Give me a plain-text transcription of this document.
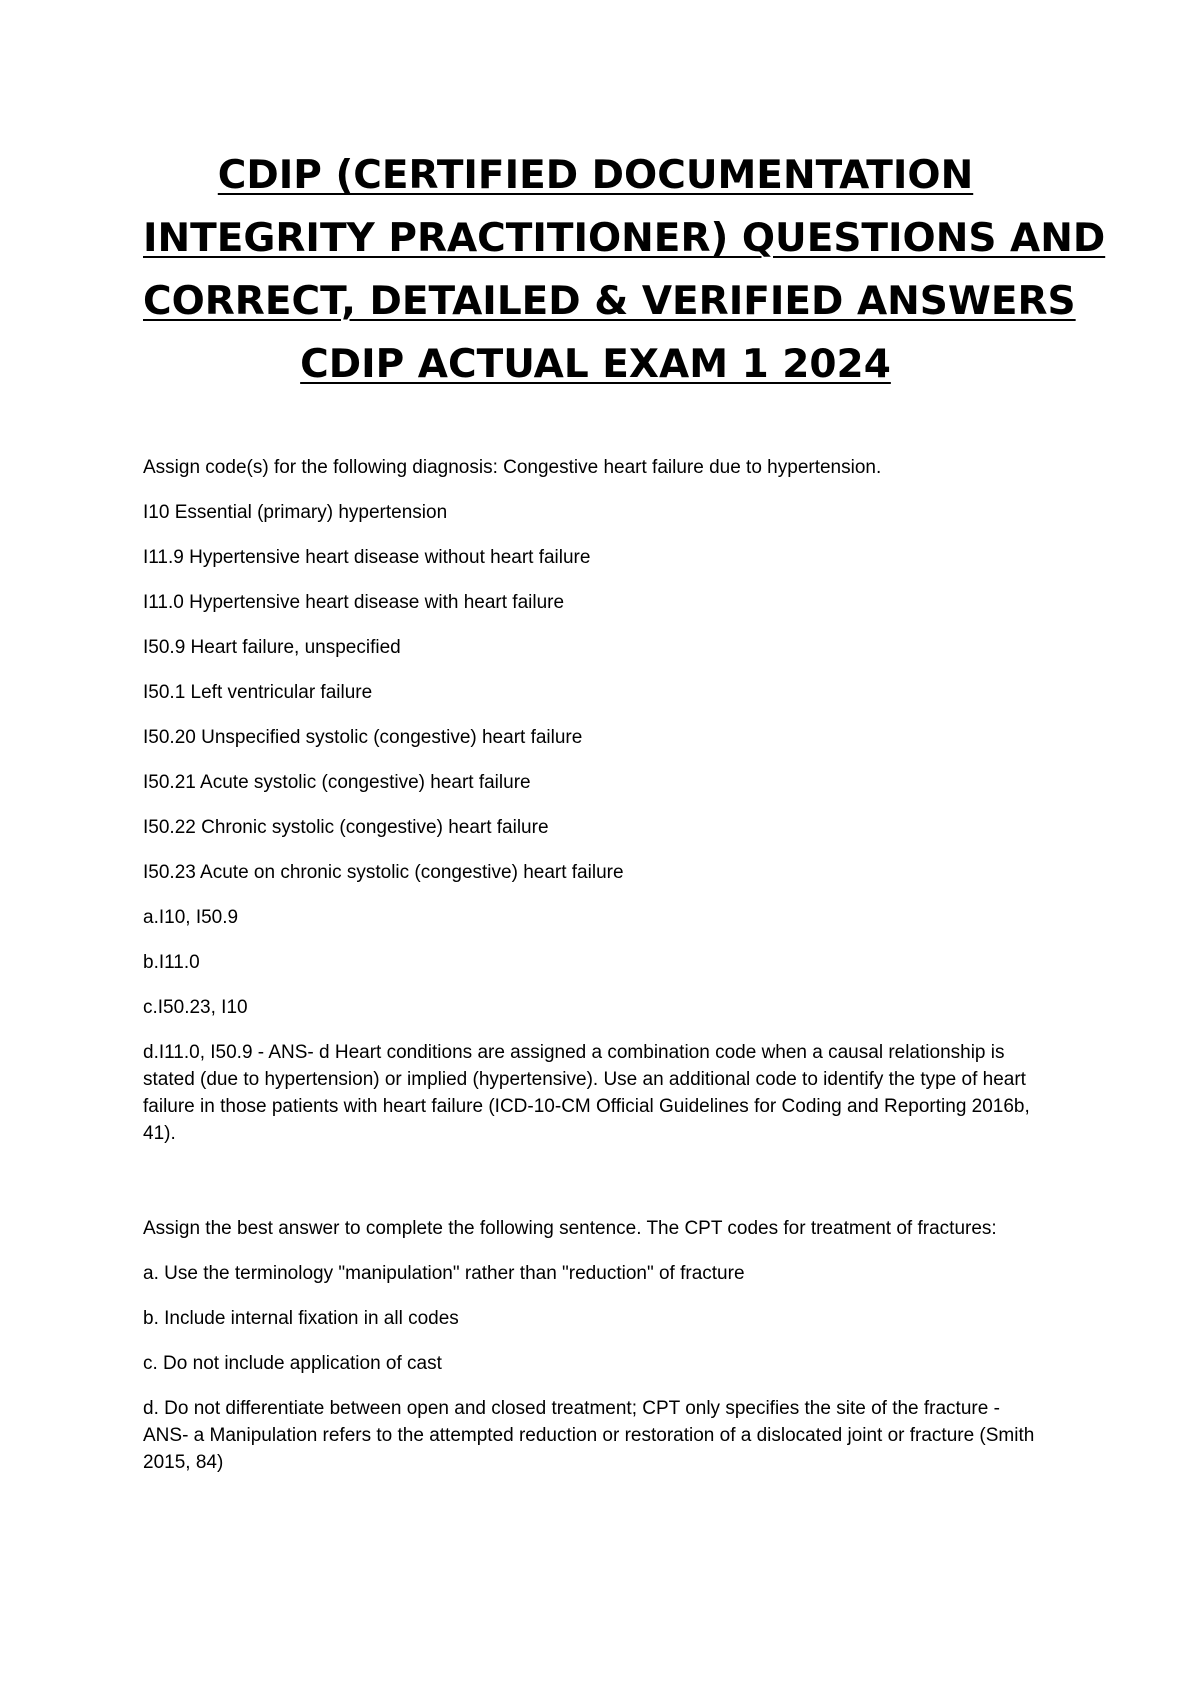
CDIP (CERTIFIED DOCUMENTATION
INTEGRITY PRACTITIONER) QUESTIONS AND
CORRECT, DETAILED & VERIFIED ANSWERS
CDIP ACTUAL EXAM 1 2024

Assign code(s) for the following diagnosis: Congestive heart failure due to hypertension.

I10 Essential (primary) hypertension

I11.9 Hypertensive heart disease without heart failure

I11.0 Hypertensive heart disease with heart failure

I50.9 Heart failure, unspecified

I50.1 Left ventricular failure

I50.20 Unspecified systolic (congestive) heart failure

I50.21 Acute systolic (congestive) heart failure

I50.22 Chronic systolic (congestive) heart failure

I50.23 Acute on chronic systolic (congestive) heart failure

a.I10, I50.9

b.I11.0

c.I50.23, I10

d.I11.0, I50.9 - ANS- d Heart conditions are assigned a combination code when a causal relationship is stated (due to hypertension) or implied (hypertensive). Use an additional code to identify the type of heart failure in those patients with heart failure (ICD-10-CM Official Guidelines for Coding and Reporting 2016b, 41).

Assign the best answer to complete the following sentence. The CPT codes for treatment of fractures:

a. Use the terminology "manipulation" rather than "reduction" of fracture

b. Include internal fixation in all codes

c. Do not include application of cast

d. Do not differentiate between open and closed treatment; CPT only specifies the site of the fracture - ANS- a Manipulation refers to the attempted reduction or restoration of a dislocated joint or fracture (Smith 2015, 84)
